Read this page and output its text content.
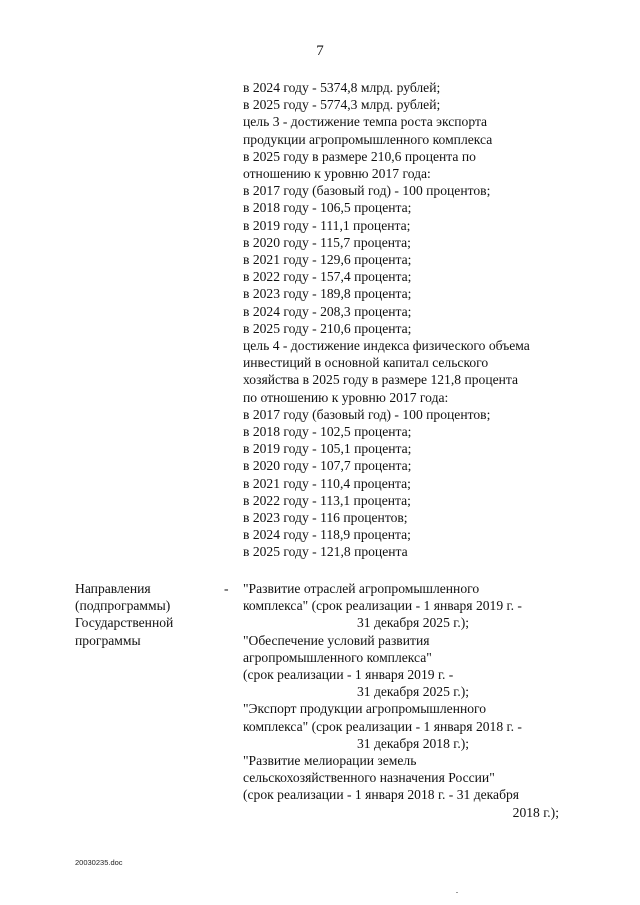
7
в 2024 году - 5374,8 млрд. рублей;
в 2025 году - 5774,3 млрд. рублей;
цель 3 - достижение темпа роста экспорта
продукции агропромышленного комплекса
в 2025 году в размере 210,6 процента по
отношению к уровню 2017 года:
в 2017 году (базовый год) - 100 процентов;
в 2018 году - 106,5 процента;
в 2019 году - 111,1 процента;
в 2020 году - 115,7 процента;
в 2021 году - 129,6 процента;
в 2022 году - 157,4 процента;
в 2023 году - 189,8 процента;
в 2024 году - 208,3 процента;
в 2025 году - 210,6 процента;
цель 4 - достижение индекса физического объема
инвестиций в основной капитал сельского
хозяйства в 2025 году в размере 121,8 процента
по отношению к уровню 2017 года:
в 2017 году (базовый год) - 100 процентов;
в 2018 году - 102,5 процента;
в 2019 году - 105,1 процента;
в 2020 году - 107,7 процента;
в 2021 году - 110,4 процента;
в 2022 году - 113,1 процента;
в 2023 году - 116 процентов;
в 2024 году - 118,9 процента;
в 2025 году - 121,8 процента
Направления
(подпрограммы)
Государственной
программы
- "Развитие отраслей агропромышленного
комплекса" (срок реализации - 1 января 2019 г. -
31 декабря 2025 г.);
"Обеспечение условий развития
агропромышленного комплекса"
(срок реализации - 1 января 2019 г. -
31 декабря 2025 г.);
"Экспорт продукции агропромышленного
комплекса" (срок реализации - 1 января 2018 г. -
31 декабря 2018 г.);
"Развитие мелиорации земель
сельскохозяйственного назначения России"
(срок реализации - 1 января 2018 г. - 31 декабря
2018 г.);
20030235.doc
